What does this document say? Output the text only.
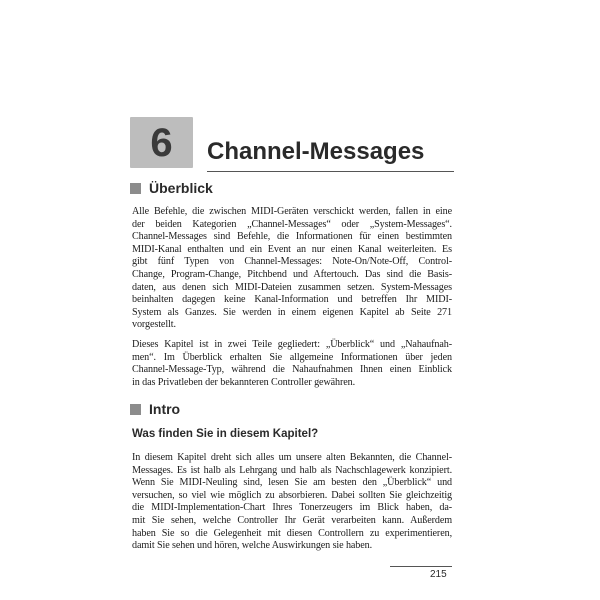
6	Channel-Messages
Überblick
Alle Befehle, die zwischen MIDI-Geräten verschickt werden, fallen in eine
der beiden Kategorien „Channel-Messages“ oder „System-Messages“.
Channel-Messages sind Befehle, die Informationen für einen bestimmten
MIDI-Kanal enthalten und ein Event an nur einen Kanal weiterleiten. Es
gibt fünf Typen von Channel-Messages: Note-On/Note-Off, Control-
Change, Program-Change, Pitchbend und Aftertouch. Das sind die Basis-
daten, aus denen sich MIDI-Dateien zusammen setzen. System-Messages
beinhalten dagegen keine Kanal-Information und betreffen Ihr MIDI-
System als Ganzes. Sie werden in einem eigenen Kapitel ab Seite 271
vorgestellt.
Dieses Kapitel ist in zwei Teile gegliedert: „Überblick“ und „Nahaufnah-
men“. Im Überblick erhalten Sie allgemeine Informationen über jeden
Channel-Message-Typ, während die Nahaufnahmen Ihnen einen Einblick
in das Privatleben der bekannteren Controller gewähren.
Intro
Was finden Sie in diesem Kapitel?
In diesem Kapitel dreht sich alles um unsere alten Bekannten, die Channel-
Messages. Es ist halb als Lehrgang und halb als Nachschlagewerk konzipiert.
Wenn Sie MIDI-Neuling sind, lesen Sie am besten den „Überblick“ und
versuchen, so viel wie möglich zu absorbieren. Dabei sollten Sie gleichzeitig
die MIDI-Implementation-Chart Ihres Tonerzeugers im Blick haben, da-
mit Sie sehen, welche Controller Ihr Gerät verarbeiten kann. Außerdem
haben Sie so die Gelegenheit mit diesen Controllern zu experimentieren,
damit Sie sehen und hören, welche Auswirkungen sie haben.
215
